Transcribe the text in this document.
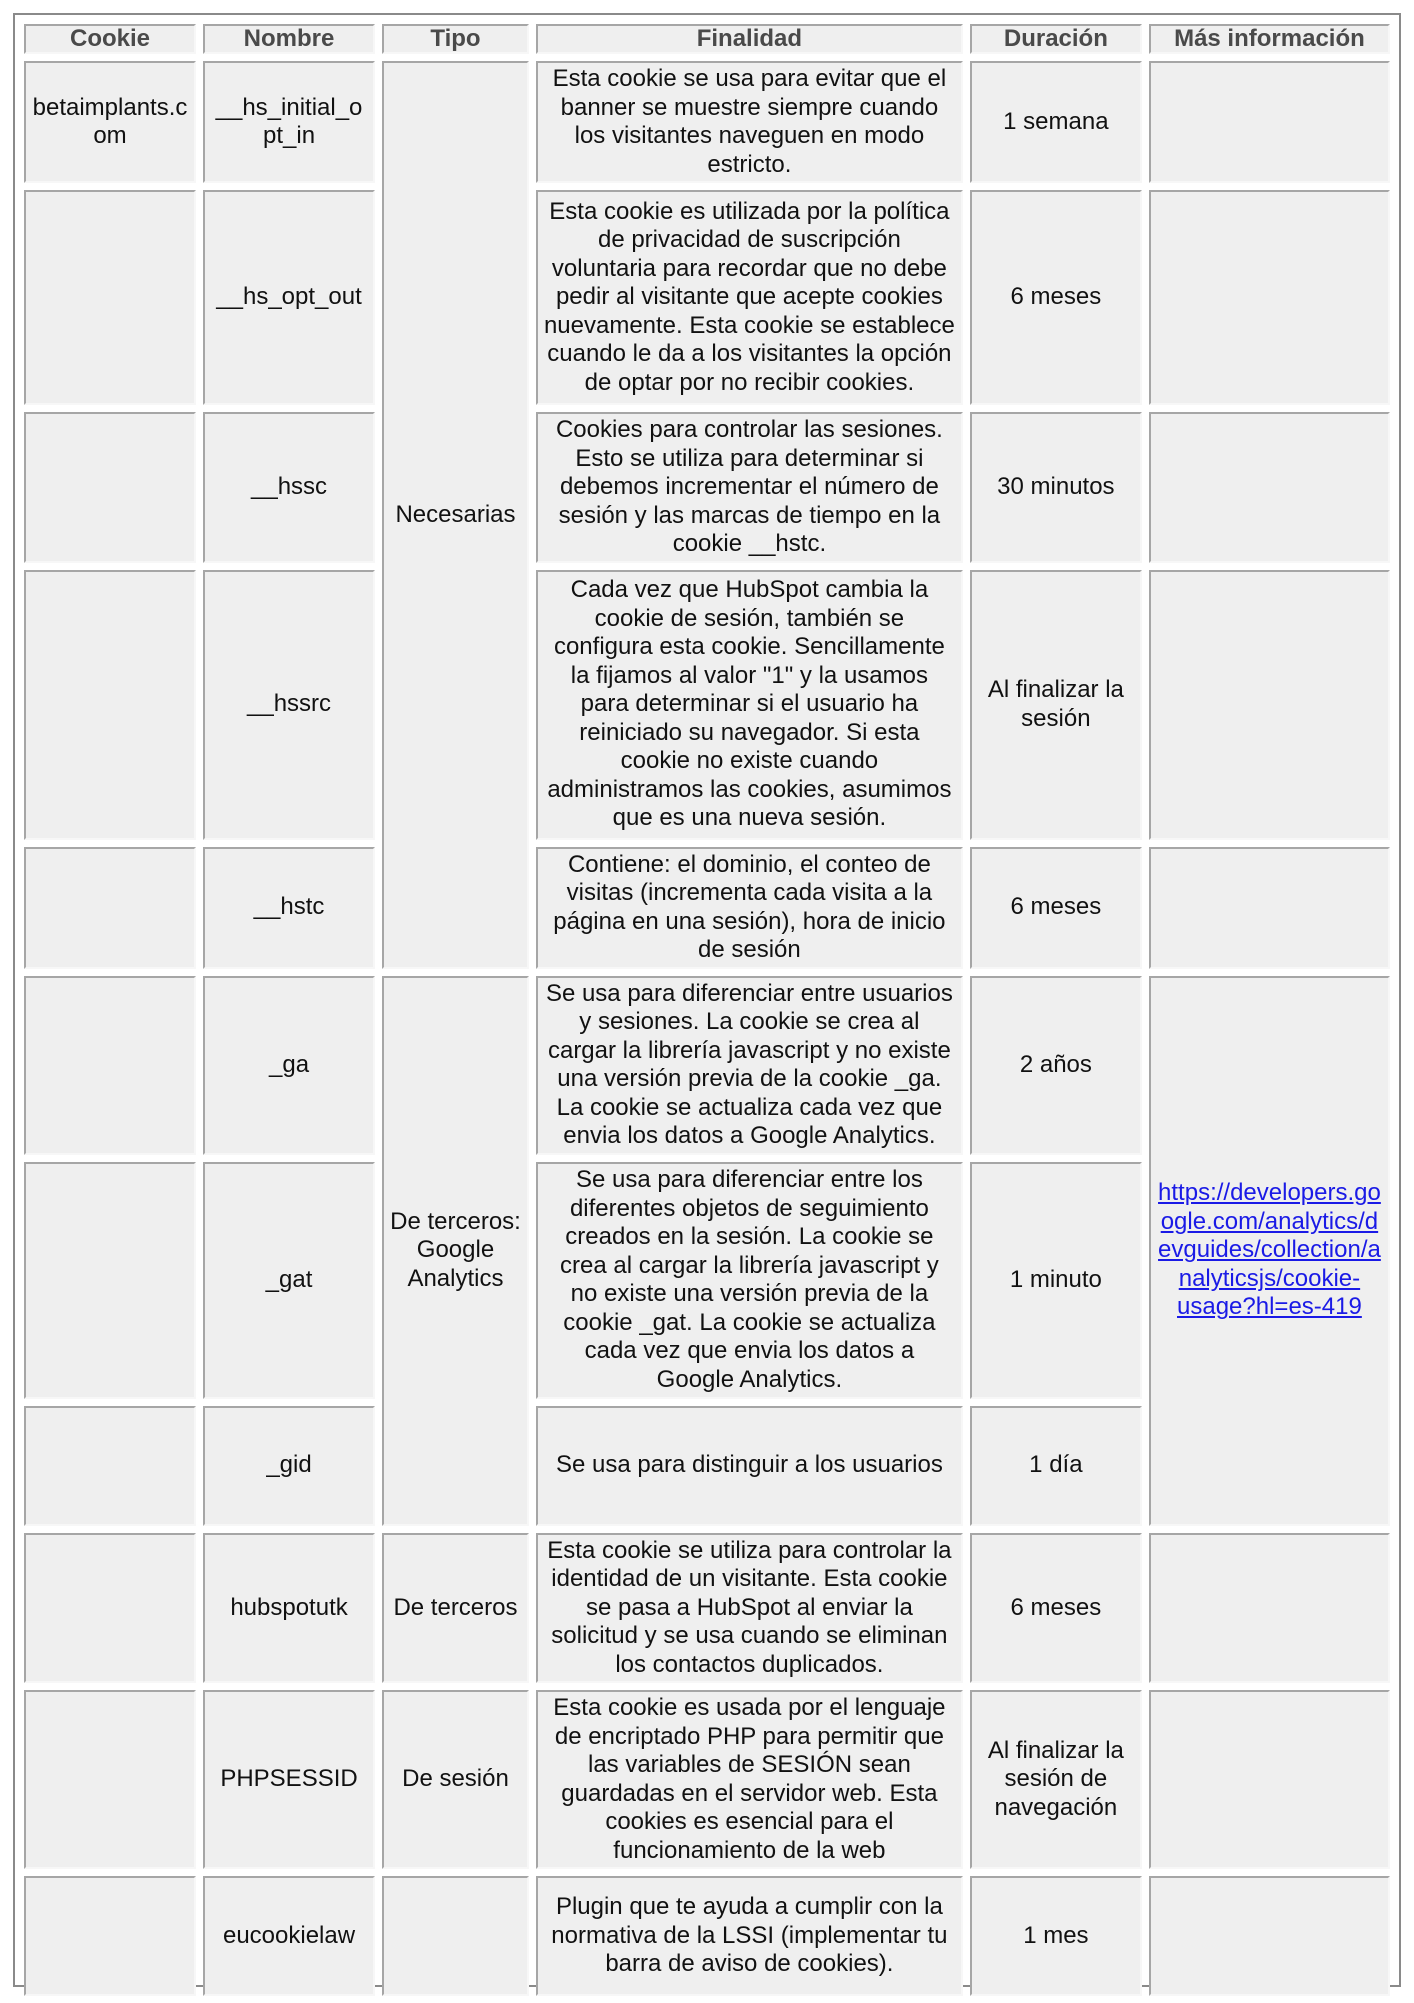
Cookie	Nombre	Tipo	Finalidad	Duración	Más información
betaimplants.com	__hs_initial_opt_in	Necesarias	Esta cookie se usa para evitar que el banner se muestre siempre cuando los visitantes naveguen en modo estricto.	1 semana	
	__hs_opt_out		Esta cookie es utilizada por la política de privacidad de suscripción voluntaria para recordar que no debe pedir al visitante que acepte cookies nuevamente. Esta cookie se establece cuando le da a los visitantes la opción de optar por no recibir cookies.	6 meses	
	__hssc		Cookies para controlar las sesiones. Esto se utiliza para determinar si debemos incrementar el número de sesión y las marcas de tiempo en la cookie __hstc.	30 minutos	
	__hssrc		Cada vez que HubSpot cambia la cookie de sesión, también se configura esta cookie. Sencillamente la fijamos al valor "1" y la usamos para determinar si el usuario ha reiniciado su navegador. Si esta cookie no existe cuando administramos las cookies, asumimos que es una nueva sesión.	Al finalizar la sesión	
	__hstc		Contiene: el dominio, el conteo de visitas (incrementa cada visita a la página en una sesión), hora de inicio de sesión	6 meses	
	_ga	De terceros: Google Analytics	Se usa para diferenciar entre usuarios y sesiones. La cookie se crea al cargar la librería javascript y no existe una versión previa de la cookie _ga. La cookie se actualiza cada vez que envia los datos a Google Analytics.	2 años	https://developers.google.com/analytics/devguides/collection/analyticsjs/cookie-usage?hl=es-419
	_gat		Se usa para diferenciar entre los diferentes objetos de seguimiento creados en la sesión. La cookie se crea al cargar la librería javascript y no existe una versión previa de la cookie _gat. La cookie se actualiza cada vez que envia los datos a Google Analytics.	1 minuto	
	_gid		Se usa para distinguir a los usuarios	1 día	
	hubspotutk	De terceros	Esta cookie se utiliza para controlar la identidad de un visitante. Esta cookie se pasa a HubSpot al enviar la solicitud y se usa cuando se eliminan los contactos duplicados.	6 meses	
	PHPSESSID	De sesión	Esta cookie es usada por el lenguaje de encriptado PHP para permitir que las variables de SESIÓN sean guardadas en el servidor web. Esta cookies es esencial para el funcionamiento de la web	Al finalizar la sesión de navegación	
	eucookielaw		Plugin que te ayuda a cumplir con la normativa de la LSSI (implementar tu barra de aviso de cookies).	1 mes	
